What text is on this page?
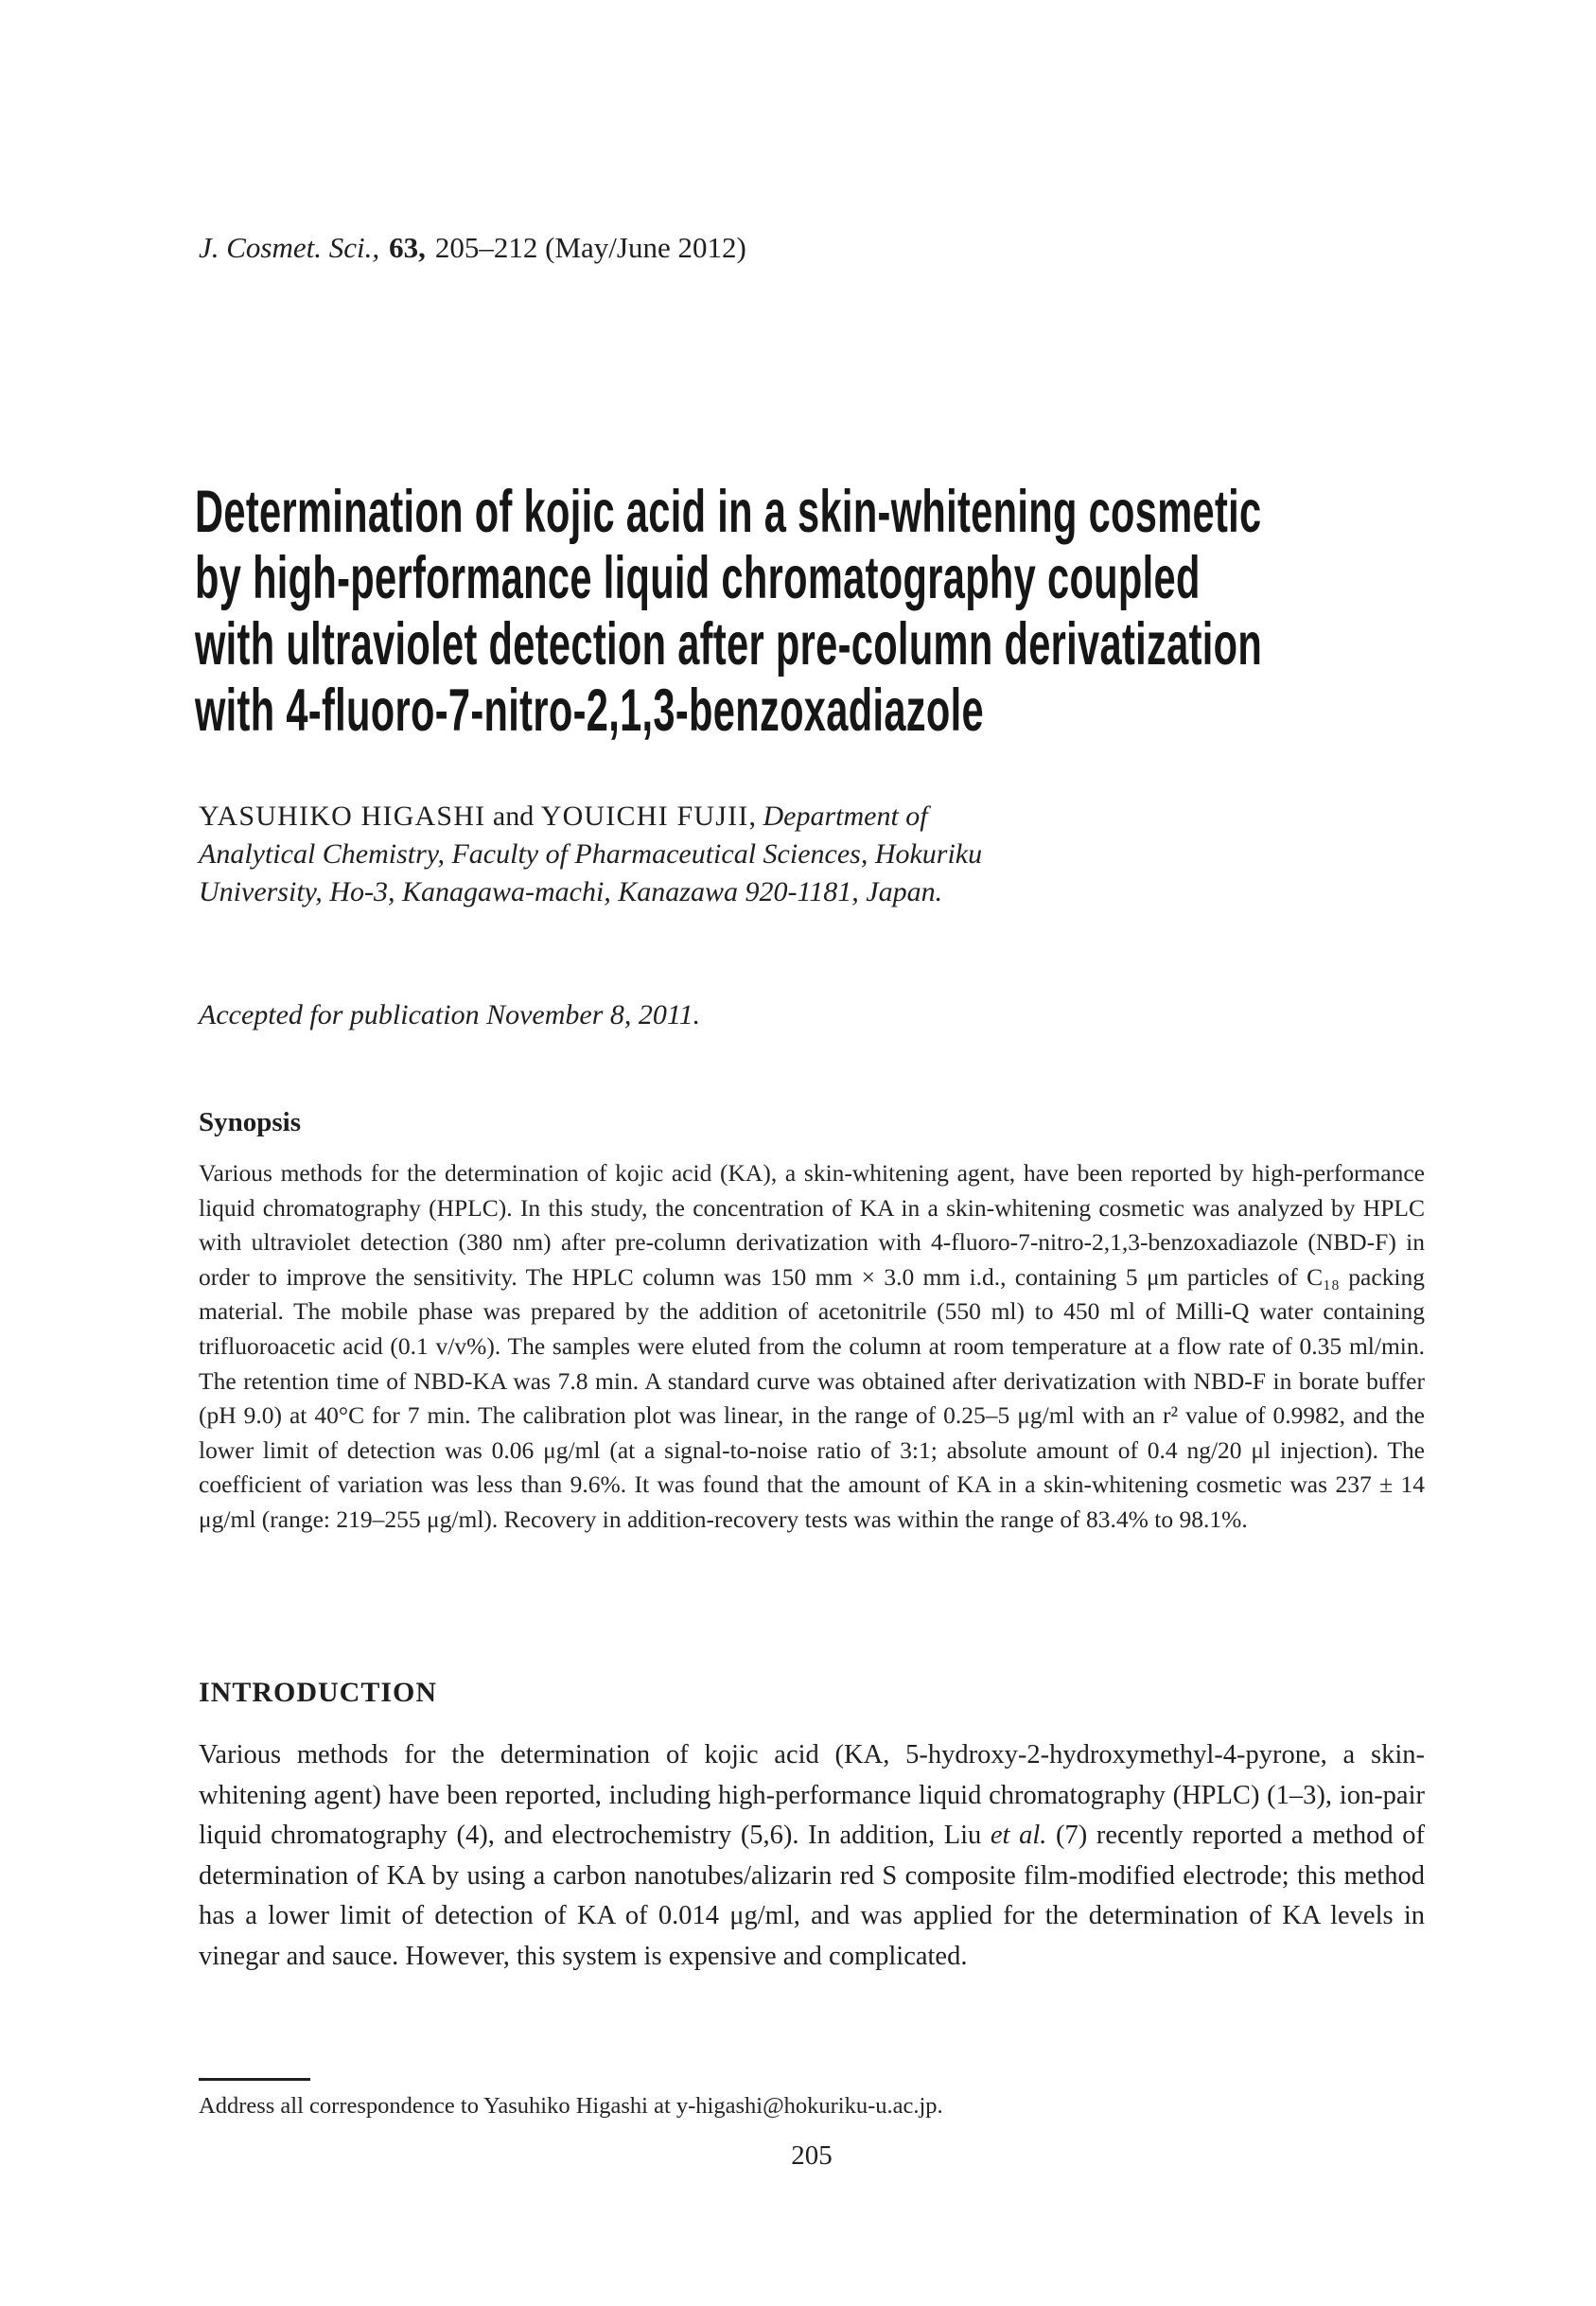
J. Cosmet. Sci., 63, 205–212 (May/June 2012)
Determination of kojic acid in a skin-whitening cosmetic
by high-performance liquid chromatography coupled
with ultraviolet detection after pre-column derivatization
with 4-fluoro-7-nitro-2,1,3-benzoxadiazole
YASUHIKO HIGASHI and YOUICHI FUJII, Department of Analytical Chemistry, Faculty of Pharmaceutical Sciences, Hokuriku University, Ho-3, Kanagawa-machi, Kanazawa 920-1181, Japan.
Accepted for publication November 8, 2011.
Synopsis
Various methods for the determination of kojic acid (KA), a skin-whitening agent, have been reported by high-performance liquid chromatography (HPLC). In this study, the concentration of KA in a skin-whitening cosmetic was analyzed by HPLC with ultraviolet detection (380 nm) after pre-column derivatization with 4-fluoro-7-nitro-2,1,3-benzoxadiazole (NBD-F) in order to improve the sensitivity. The HPLC column was 150 mm × 3.0 mm i.d., containing 5 μm particles of C₁₈ packing material. The mobile phase was prepared by the addition of acetonitrile (550 ml) to 450 ml of Milli-Q water containing trifluoroacetic acid (0.1 v/v%). The samples were eluted from the column at room temperature at a flow rate of 0.35 ml/min. The retention time of NBD-KA was 7.8 min. A standard curve was obtained after derivatization with NBD-F in borate buffer (pH 9.0) at 40°C for 7 min. The calibration plot was linear, in the range of 0.25–5 μg/ml with an r² value of 0.9982, and the lower limit of detection was 0.06 μg/ml (at a signal-to-noise ratio of 3:1; absolute amount of 0.4 ng/20 μl injection). The coefficient of variation was less than 9.6%. It was found that the amount of KA in a skin-whitening cosmetic was 237 ± 14 μg/ml (range: 219–255 μg/ml). Recovery in addition-recovery tests was within the range of 83.4% to 98.1%.
INTRODUCTION
Various methods for the determination of kojic acid (KA, 5-hydroxy-2-hydroxymethyl-4-pyrone, a skin-whitening agent) have been reported, including high-performance liquid chromatography (HPLC) (1–3), ion-pair liquid chromatography (4), and electrochemistry (5,6). In addition, Liu et al. (7) recently reported a method of determination of KA by using a carbon nanotubes/alizarin red S composite film-modified electrode; this method has a lower limit of detection of KA of 0.014 μg/ml, and was applied for the determination of KA levels in vinegar and sauce. However, this system is expensive and complicated.
Address all correspondence to Yasuhiko Higashi at y-higashi@hokuriku-u.ac.jp.
205
